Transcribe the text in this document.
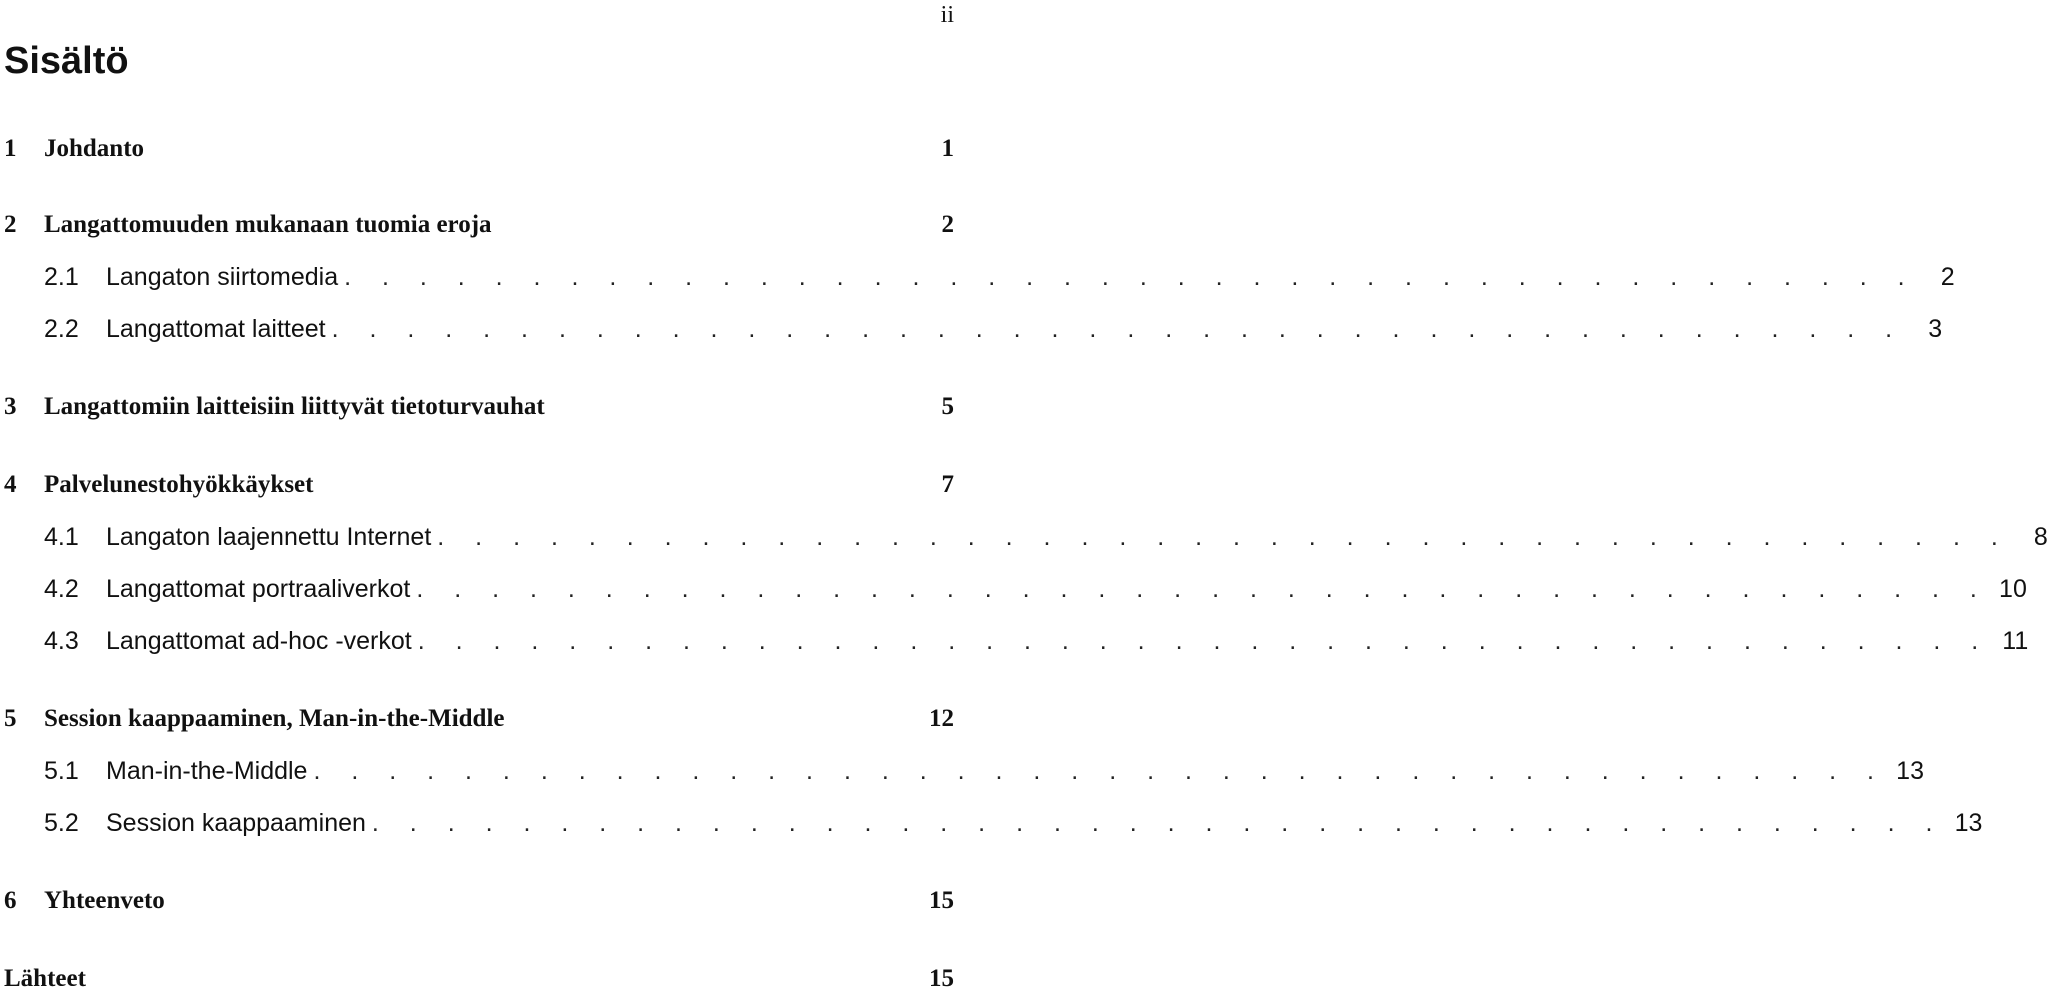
ii
Sisältö
1	Johdanto	1
2	Langattomuuden mukanaan tuomia eroja	2
2.1	Langaton siirtomedia . . . . . . . . . . . . . . . . . . . . . . . . . . . . . . . . . . . . . . . . . . 2
2.2	Langattomat laitteet . . . . . . . . . . . . . . . . . . . . . . . . . . . . . . . . . . . . . . . . . . 3
3	Langattomiin laitteisiin liittyvät tietoturvauhat	5
4	Palvelunestohyökkäykset	7
4.1	Langaton laajennettu Internet . . . . . . . . . . . . . . . . . . . . . . . . . . . . . . . . . . . . . . . . . . 8
4.2	Langattomat portraaliverkot . . . . . . . . . . . . . . . . . . . . . . . . . . . . . . . . . . . . . . . . . . 10
4.3	Langattomat ad-hoc -verkot . . . . . . . . . . . . . . . . . . . . . . . . . . . . . . . . . . . . . . . . . . 11
5	Session kaappaaminen, Man-in-the-Middle	12
5.1	Man-in-the-Middle . . . . . . . . . . . . . . . . . . . . . . . . . . . . . . . . . . . . . . . . . . 13
5.2	Session kaappaaminen . . . . . . . . . . . . . . . . . . . . . . . . . . . . . . . . . . . . . . . . . . 13
6	Yhteenveto	15
Lähteet	15
